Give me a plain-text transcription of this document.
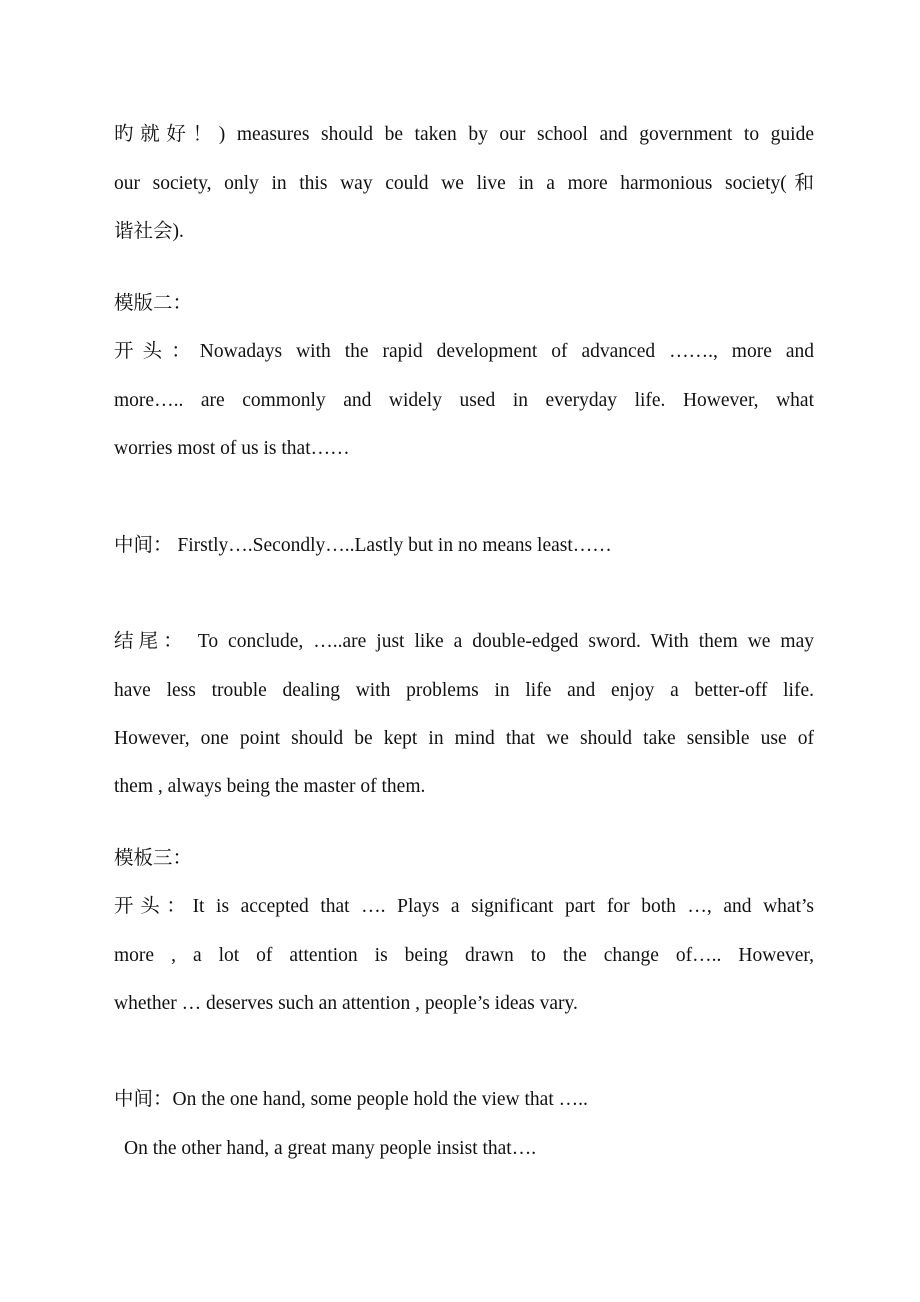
旳就好！) measures should be taken by our school and government to guide
our society, only in this way could we live in a more harmonious society(和
谐社会).
模版二：
开头：Nowadays with the rapid development of advanced ……., more and
more….. are commonly and widely used in everyday life. However, what
worries most of us is that……
中间： Firstly….Secondly…..Lastly but in no means least……
结尾： To conclude, …..are just like a double-edged sword. With them we may
have less trouble dealing with problems in life and enjoy a better-off life.
However, one point should be kept in mind that we should take sensible use of
them , always being the master of them.
模板三：
开头：It is accepted that …. Plays a significant part for both …, and what’s
more , a lot of attention is being drawn to the change of….. However,
whether … deserves such an attention , people’s ideas vary.
中间：On the one hand, some people hold the view that …..
On the other hand, a great many people insist that….
